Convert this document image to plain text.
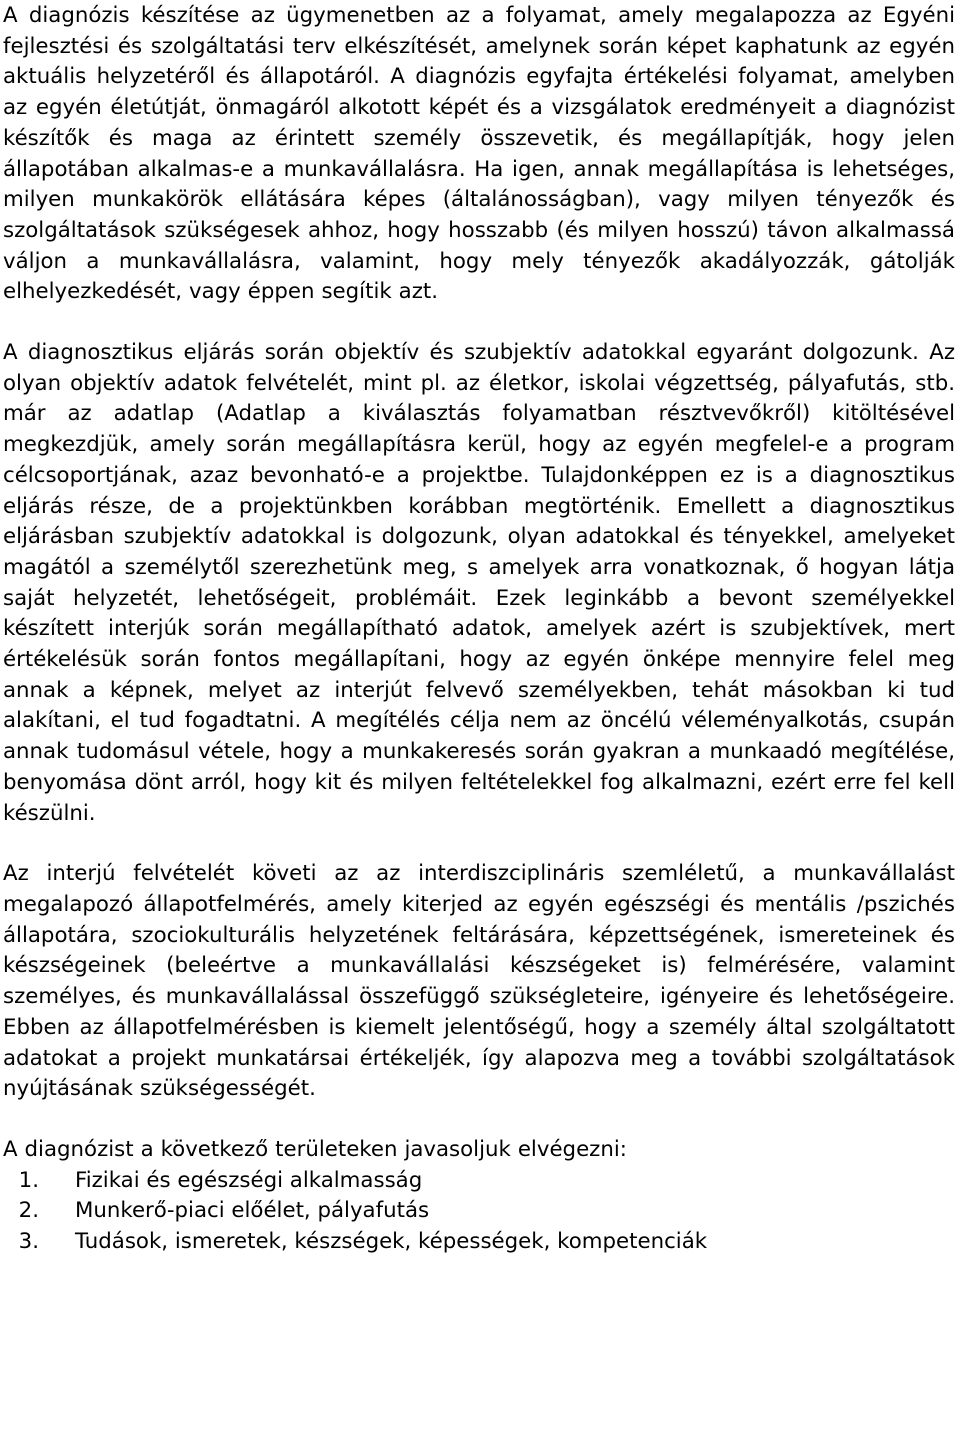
A diagnózis készítése az ügymenetben az a folyamat, amely megalapozza az Egyéni fejlesztési és szolgáltatási terv elkészítését, amelynek során képet kaphatunk az egyén aktuális helyzetéről és állapotáról. A diagnózis egyfajta értékelési folyamat, amelyben az egyén életútját, önmagáról alkotott képét és a vizsgálatok eredményeit a diagnózist készítők és maga az érintett személy összevetik, és megállapítják, hogy jelen állapotában alkalmas-e a munkavállalásra. Ha igen, annak megállapítása is lehetséges, milyen munkakörök ellátására képes (általánosságban), vagy milyen tényezők és szolgáltatások szükségesek ahhoz, hogy hosszabb (és milyen hosszú) távon alkalmassá váljon a munkavállalásra, valamint, hogy mely tényezők akadályozzák, gátolják elhelyezkedését, vagy éppen segítik azt.

A diagnosztikus eljárás során objektív és szubjektív adatokkal egyaránt dolgozunk. Az olyan objektív adatok felvételét, mint pl. az életkor, iskolai végzettség, pályafutás, stb. már az adatlap (Adatlap a kiválasztás folyamatban résztvevőkről) kitöltésével megkezdjük, amely során megállapításra kerül, hogy az egyén megfelel-e a program célcsoportjának, azaz bevonható-e a projektbe. Tulajdonképpen ez is a diagnosztikus eljárás része, de a projektünkben korábban megtörténik. Emellett a diagnosztikus eljárásban szubjektív adatokkal is dolgozunk, olyan adatokkal és tényekkel, amelyeket magától a személytől szerezhetünk meg, s amelyek arra vonatkoznak, ő hogyan látja saját helyzetét, lehetőségeit, problémáit. Ezek leginkább a bevont személyekkel készített interjúk során megállapítható adatok, amelyek azért is szubjektívek, mert értékelésük során fontos megállapítani, hogy az egyén önképe mennyire felel meg annak a képnek, melyet az interjút felvevő személyekben, tehát másokban ki tud alakítani, el tud fogadtatni. A megítélés célja nem az öncélú véleményalkotás, csupán annak tudomásul vétele, hogy a munkakeresés során gyakran a munkaadó megítélése, benyomása dönt arról, hogy kit és milyen feltételekkel fog alkalmazni, ezért erre fel kell készülni.

Az interjú felvételét követi az az interdiszciplináris szemléletű, a munkavállalást megalapozó állapotfelmérés, amely kiterjed az egyén egészségi és mentális /pszichés állapotára, szociokulturális helyzetének feltárására, képzettségének, ismereteinek és készségeinek (beleértve a munkavállalási készségeket is) felmérésére, valamint személyes, és munkavállalással összefüggő szükségleteire, igényeire és lehetőségeire. Ebben az állapotfelmérésben is kiemelt jelentőségű, hogy a személy által szolgáltatott adatokat a projekt munkatársai értékeljék, így alapozva meg a további szolgáltatások nyújtásának szükségességét.

A diagnózist a következő területeken javasoljuk elvégezni:

1.	Fizikai és egészségi alkalmasság
2.	Munkerő-piaci előélet, pályafutás
3.	Tudások, ismeretek, készségek, képességek, kompetenciák
